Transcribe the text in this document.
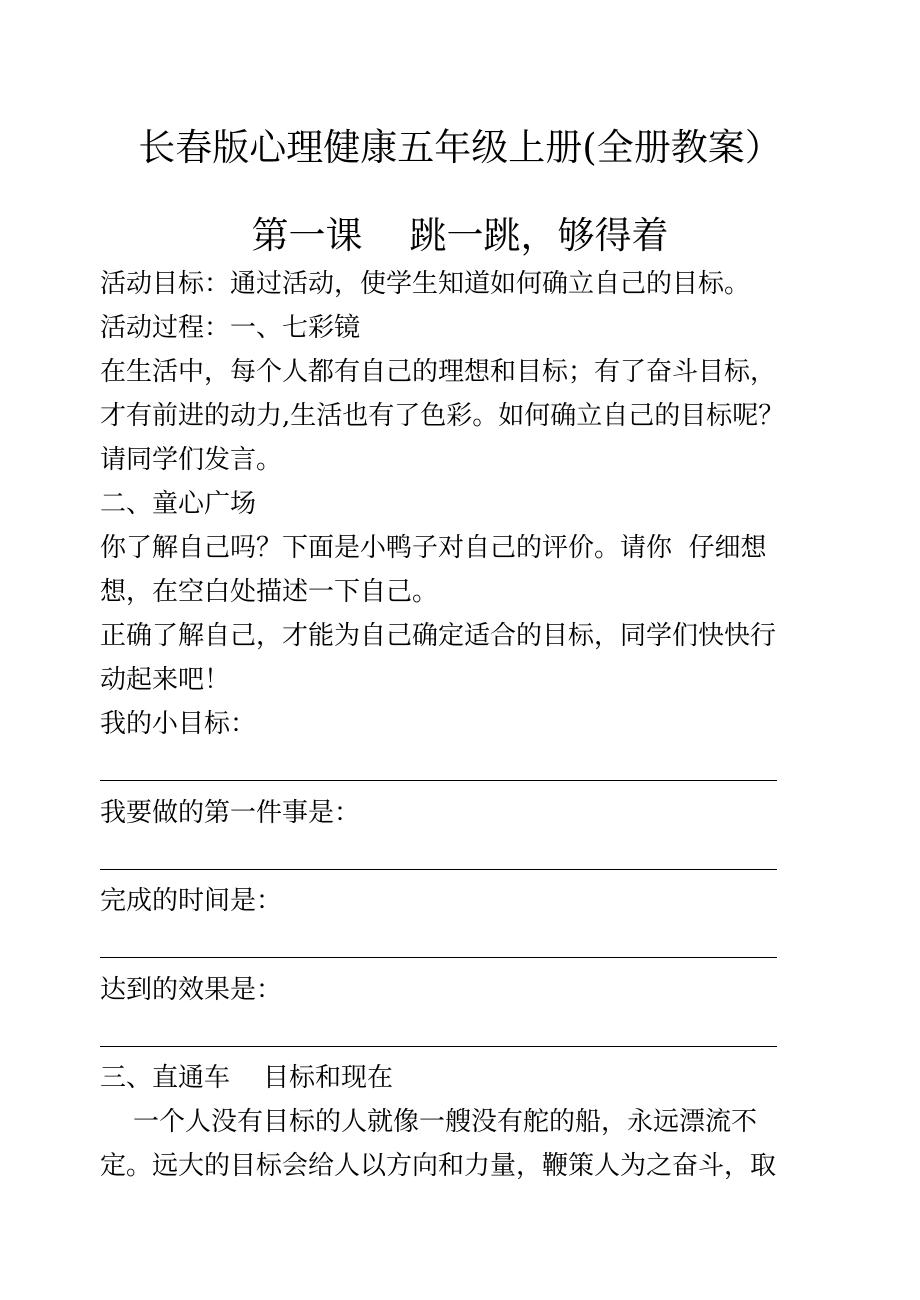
长春版心理健康五年级上册(全册教案）
第一课    跳一跳，够得着
活动目标：通过活动，使学生知道如何确立自己的目标。
活动过程：一、七彩镜
在生活中，每个人都有自己的理想和目标；有了奋斗目标，
才有前进的动力,生活也有了色彩。如何确立自己的目标呢？
请同学们发言。
二、童心广场
你了解自己吗？下面是小鸭子对自己的评价。请你  仔细想
想，在空白处描述一下自己。
正确了解自己，才能为自己确定适合的目标，同学们快快行
动起来吧！
我的小目标：
我要做的第一件事是：
完成的时间是：
达到的效果是：
三、直通车    目标和现在
一个人没有目标的人就像一艘没有舵的船，永远漂流不
定。远大的目标会给人以方向和力量，鞭策人为之奋斗，取
